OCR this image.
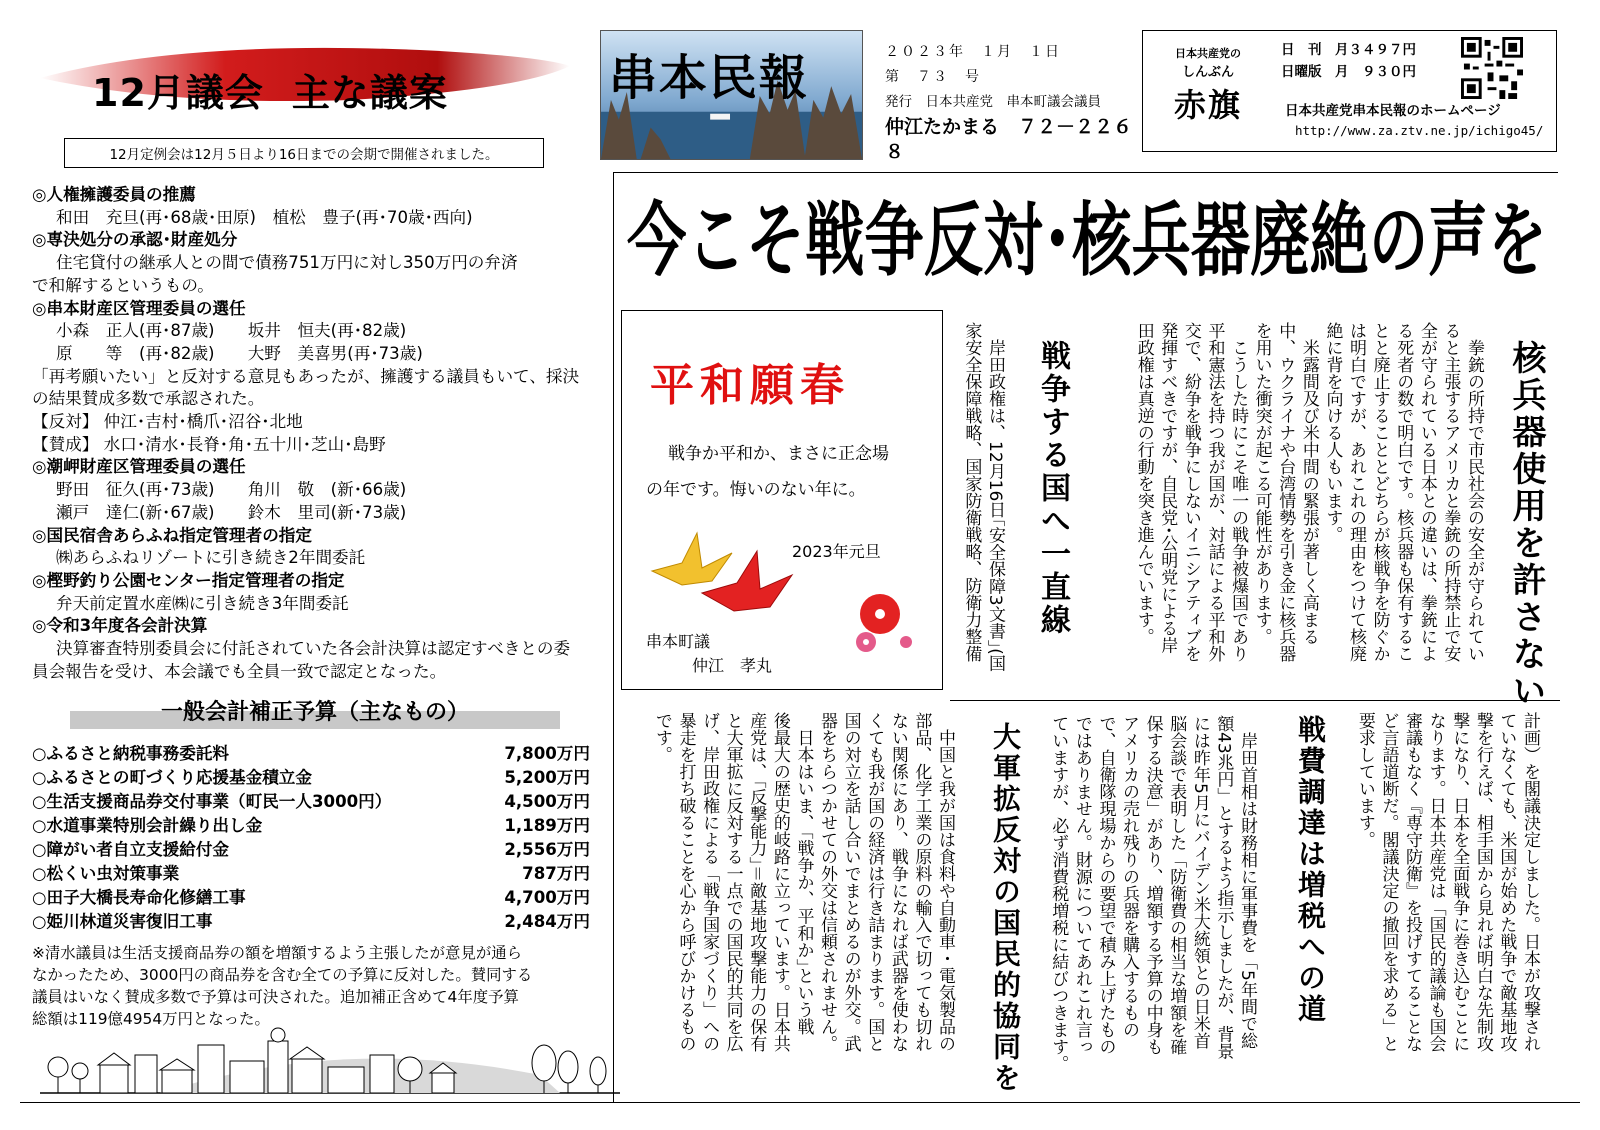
12月議会 主な議案
12月定例会は12月５日より16日までの会期で開催されました。
◎人権擁護委員の推薦
和田　充旦(再･68歳･田原)　植松　豊子(再･70歳･西向)
◎専決処分の承認･財産処分
住宅貸付の継承人との間で債務751万円に対し350万円の弁済
で和解するというもの。
◎串本財産区管理委員の選任
小森　正人(再･87歳)　　坂井　恒夫(再･82歳)
原　　等　(再･82歳)　　大野　美喜男(再･73歳)
「再考願いたい」と反対する意見もあったが、擁護する議員もいて、採決
の結果賛成多数で承認された。
【反対】 仲江･吉村･橋爪･沼谷･北地
【賛成】 水口･清水･長脊･角･五十川･芝山･島野
◎潮岬財産区管理委員の選任
野田　征久(再･73歳)　　角川　敬　(新･66歳)
瀬戸　達仁(新･67歳)　　鈴木　里司(新･73歳)
◎国民宿舎あらふね指定管理者の指定
㈱あらふねリゾートに引き続き2年間委託
◎樫野釣り公園センター指定管理者の指定
弁天前定置水産㈱に引き続き3年間委託
◎令和3年度各会計決算
決算審査特別委員会に付託されていた各会計決算は認定すべきとの委
員会報告を受け、本会議でも全員一致で認定となった。
一般会計補正予算（主なもの）
○ふるさと納税事務委託料	7,800万円
○ふるさとの町づくり応援基金積立金	5,200万円
○生活支援商品券交付事業（町民一人3000円）	4,500万円
○水道事業特別会計繰り出し金	1,189万円
○障がい者自立支援給付金	2,556万円
○松くい虫対策事業	787万円
○田子大橋長寿命化修繕工事	4,700万円
○姫川林道災害復旧工事	2,484万円
※清水議員は生活支援商品券の額を増額するよう主張したが意見が通ら
なかったため、3000円の商品券を含む全ての予算に反対した。賛同する
議員はいなく賛成多数で予算は可決された。追加補正含めて4年度予算
総額は119億4954万円となった。
串本民報	２０２３年　１月　１日
第　７３　号
発行　日本共産党　串本町議会議員
仲江たかまる　７２－２２６８
日本共産党の
しんぶん
赤旗
日　刊　月３４９７円
日曜版　月　９３０円
日本共産党串本民報のホームページ
http://www.za.ztv.ne.jp/ichigo45/
今こそ戦争反対･核兵器廃絶の声を
平和願春
戦争か平和か、まさに正念場
の年です。悔いのない年に。
2023年元旦
串本町議
仲江　孝丸	核兵器使用を許さない
　拳銃の所持で市民社会の安全が守られてい
ると主張するアメリカと拳銃の所持禁止で安
全が守られている日本との違いは、拳銃によ
る死者の数で明白です。核兵器も保有するこ
とと廃止することとどちらが核戦争を防ぐか
は明白ですが、あれこれの理由をつけて核廃
絶に背を向ける人もいます。
　米露間及び米中間の緊張が著しく高まる
中、ウクライナや台湾情勢を引き金に核兵器
を用いた衝突が起こる可能性があります。
　こうした時にこそ唯一の戦争被爆国であり
平和憲法を持つ我が国が、対話による平和外
交で、紛争を戦争にしないイニシアティブを
発揮すべきですが、自民党･公明党による岸
田政権は真逆の行動を突き進んでいます。
戦争する国へ一直線
　岸田政権は、12月16日｢安全保障3文書｣(国
家安全保障戦略、国家防衛戦略、防衛力整備
計画）を閣議決定しました。日本が攻撃され
ていなくても、米国が始めた戦争で敵基地攻
撃を行えば、相手国から見れば明白な先制攻
撃になり、日本を全面戦争に巻き込むことに
なります。日本共産党は「国民的議論も国会
審議もなく『専守防衛』を投げすてることな
ど言語道断だ。閣議決定の撤回を求める」と
要求しています。
戦費調達は増税への道
　岸田首相は財務相に軍事費を「5年間で総
額43兆円」とするよう指示しましたが、背景
には昨年5月にバイデン米大統領との日米首
脳会談で表明した「防衛費の相当な増額を確
保する決意」があり、増額する予算の中身も
アメリカの売れ残りの兵器を購入するもの
で、自衛隊現場からの要望で積み上げたもの
ではありません。財源についてあれこれ言っ
ていますが、必ず消費税増税に結びつきます。
大軍拡反対の国民的協同を
　中国と我が国は食料や自動車・電気製品の
部品、化学工業の原料の輸入で切っても切れ
ない関係にあり、戦争になれば武器を使わな
くても我が国の経済は行き詰まります。国と
国の対立を話し合いでまとめるのが外交。武
器をちらつかせての外交は信頼されません。
　日本はいま、｢戦争か、平和か｣という戦
後最大の歴史的岐路に立っています。日本共
産党は、｢反撃能力｣＝敵基地攻撃能力の保有
と大軍拡に反対する一点での国民的共同を広
げ、岸田政権による「戦争国家づくり」への
暴走を打ち破ることを心から呼びかけるもの
です。
